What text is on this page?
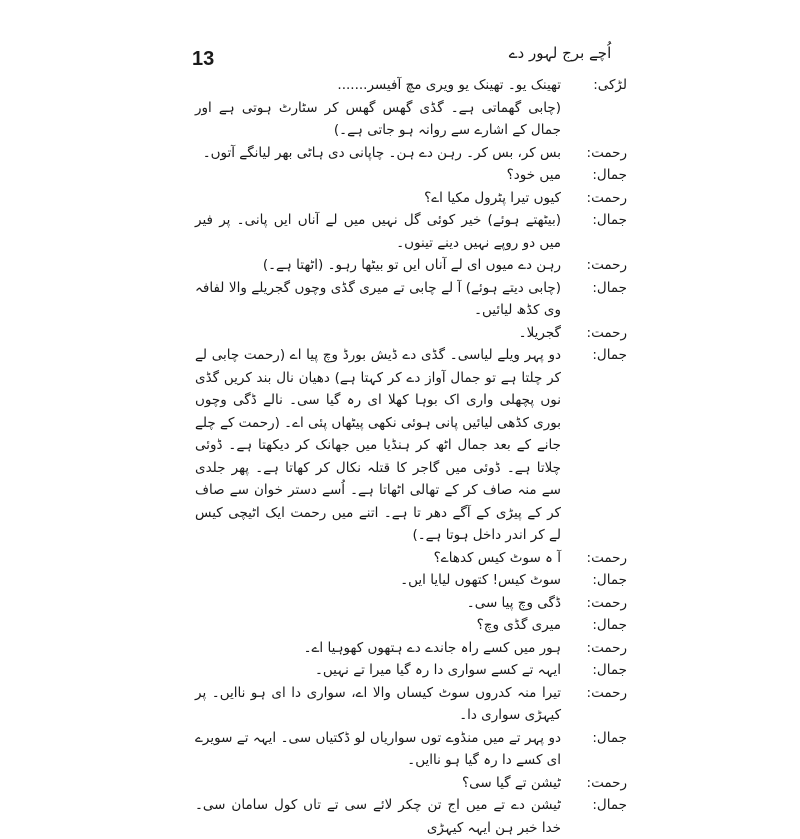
اُچے برج لہور دے
13
لڑکی:
تھینک یو۔ تھینک یو ویری مچ آفیسر.......
(چابی گھماتی ہے۔ گڈی گھس گھس کر سٹارٹ ہوتی ہے اور جمال کے اشارے سے روانہ ہو جاتی ہے۔)
رحمت:
بس کر، بس کر۔ رہن دے ہن۔ چاپانی دی ہاٹی بھر لیانگے آتوں۔
جمال:
میں خود؟
رحمت:
کیوں تیرا پٹرول مکیا اے؟
جمال:
(بیٹھتے ہوئے) خیر کوئی گل نہیں میں لے آناں ایں پانی۔ پر فیر میں دو روپے نہیں دینے تینوں۔
رحمت:
رہن دے میوں ای لے آناں ایں تو بیٹھا رہو۔ (اٹھتا ہے۔)
جمال:
(چابی دیتے ہوئے) آ لے چابی تے میری گڈی وچوں گجریلے والا لفافہ وی کڈھ لیائیں۔
رحمت:
گجریلا۔
جمال:
دو پہر ویلے لیاسی۔ گڈی دے ڈیش بورڈ وچ پیا اے (رحمت چابی لے کر چلتا ہے تو جمال آواز دے کر کہتا ہے) دھیان نال بند کریں گڈی نوں پچھلی واری اک بوہا کھلا ای رہ گیا سی۔ نالے ڈگی وچوں بوری کڈھی لیائیں پانی ہوئی نکھی پیٹھاں پئی اے۔ (رحمت کے چلے جانے کے بعد جمال اٹھ کر ہنڈیا میں جھانک کر دیکھتا ہے۔ ڈوئی چلاتا ہے۔ ڈوئی میں گاجر کا قتلہ نکال کر کھاتا ہے۔ پھر جلدی سے منہ صاف کر کے تھالی اٹھاتا ہے۔ اُسے دستر خوان سے صاف کر کے پیڑی کے آگے دھر تا ہے۔ اتنے میں رحمت ایک اٹیچی کیس لے کر اندر داخل ہوتا ہے۔)
رحمت:
آ ہ سوٹ کیس کدھاے؟
جمال:
سوٹ کیس! کتھوں لیایا ایں۔
رحمت:
ڈگی وچ پیا سی۔
جمال:
میری گڈی وچ؟
رحمت:
ہور میں کسے راہ جاندے دے ہتھوں کھوہیا اے۔
جمال:
ایہہ تے کسے سواری دا رہ گیا میرا تے نہیں۔
رحمت:
تیرا منہ کدروں سوٹ کیساں والا اے، سواری دا ای ہو ناایں۔ پر کیہڑی سواری دا۔
جمال:
دو پہر تے میں منڈوے توں سواریاں لو ڈکتیاں سی۔ ایہہ تے سویرے ای کسے دا رہ گیا ہو ناایں۔
رحمت:
ٹیشن تے گیا سی؟
جمال:
ٹیشن دے تے میں اج تن چکر لائے سی تے تاں کول سامان سی۔ خدا خبر ہن ایہہ کیہڑی
